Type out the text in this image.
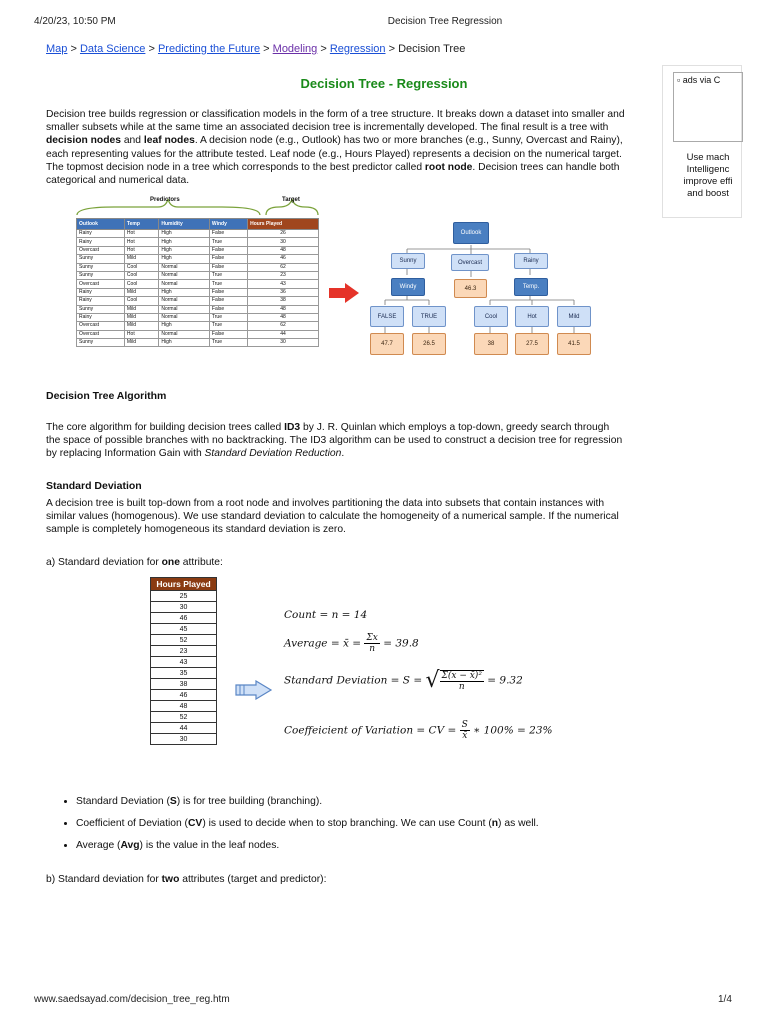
4/20/23, 10:50 PM	Decision Tree Regression
Map > Data Science > Predicting the Future > Modeling > Regression > Decision Tree
Decision Tree - Regression	▫ ads via C
Use mach
Intelligenc
improve effi
and boost

Decision tree builds regression or classification models in the form of a tree structure. It breaks down a dataset into smaller and smaller subsets while at the same time an associated decision tree is incrementally developed. The final result is a tree with decision nodes and leaf nodes. A decision node (e.g., Outlook) has two or more branches (e.g., Sunny, Overcast and Rainy), each representing values for the attribute tested. Leaf node (e.g., Hours Played) represents a decision on the numerical target. The topmost decision node in a tree which corresponds to the best predictor called root node. Decision trees can handle both categorical and numerical data.

Predictors	Target
Outlook	Temp	Humidity	Windy	Hours Played
Rainy	Hot	High	False	26
Rainy	Hot	High	True	30
Overcast	Hot	High	False	48
Sunny	Mild	High	False	46
Sunny	Cool	Normal	False	62
Sunny	Cool	Normal	True	23
Overcast	Cool	Normal	True	43
Rainy	Mild	High	False	36
Rainy	Cool	Normal	False	38
Sunny	Mild	Normal	False	48
Rainy	Mild	Normal	True	48
Overcast	Mild	High	True	62
Overcast	Hot	Normal	False	44
Sunny	Mild	High	True	30
Outlook
Sunny	Overcast	Rainy
Windy	46.3	Temp.
FALSE	TRUE	Cool	Hot	Mild
47.7	26.5	38	27.5	41.5
Decision Tree Algorithm

The core algorithm for building decision trees called ID3 by J. R. Quinlan which employs a top-down, greedy search through the space of possible branches with no backtracking. The ID3 algorithm can be used to construct a decision tree for regression by replacing Information Gain with Standard Deviation Reduction.

Standard Deviation

A decision tree is built top-down from a root node and involves partitioning the data into subsets that contain instances with similar values (homogenous). We use standard deviation to calculate the homogeneity of a numerical sample. If the numerical sample is completely homogeneous its standard deviation is zero.

a) Standard deviation for one attribute:

Hours Played
25
30
46
45
52
23
43
35
38
46
48
52
44
30
Count = n = 14
Average = x̄ = $\frac{\Sigma x}{n} = 39.8$
Standard Deviation = S = √ $\frac{\text{Σ(x − x̄)²}}{n} = 9.32$
Coeffeicient of Variation = CV = $\frac{S}{x̄}$ ∗ 100% = 23%
• Standard Deviation (S) is for tree building (branching).
• Coefficient of Deviation (CV) is used to decide when to stop branching. We can use Count (n) as well.
• Average (Avg) is the value in the leaf nodes.

b) Standard deviation for two attributes (target and predictor):

www.saedsayad.com/decision_tree_reg.htm	1/4
